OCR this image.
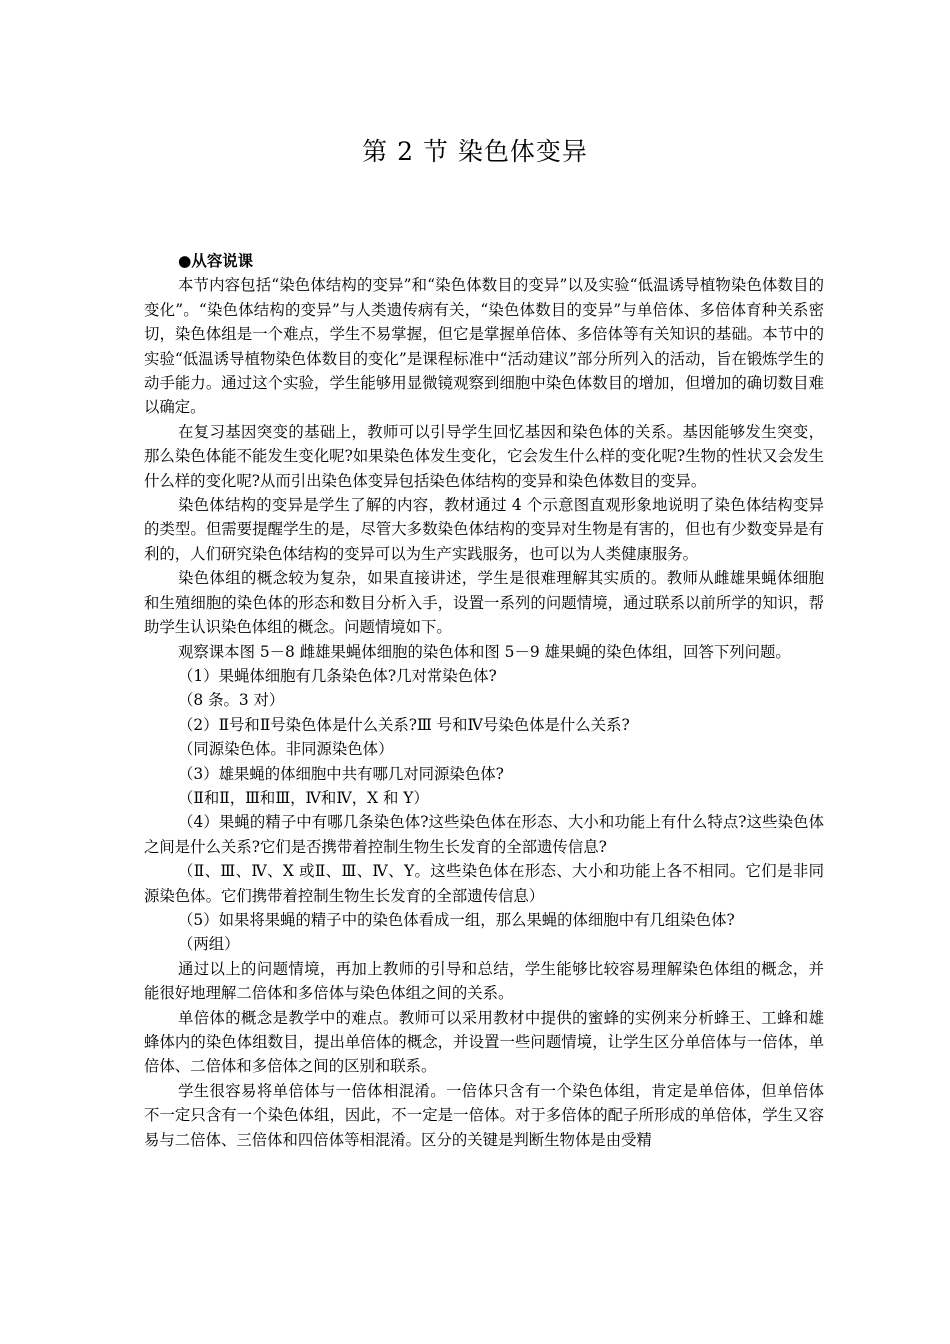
第 2 节 染色体变异

●从容说课

本节内容包括“染色体结构的变异”和“染色体数目的变异”以及实验“低温诱导植物染色体数目的变化”。“染色体结构的变异”与人类遗传病有关，“染色体数目的变异”与单倍体、多倍体育种关系密切，染色体组是一个难点，学生不易掌握，但它是掌握单倍体、多倍体等有关知识的基础。本节中的实验“低温诱导植物染色体数目的变化”是课程标准中“活动建议”部分所列入的活动，旨在锻炼学生的动手能力。通过这个实验，学生能够用显微镜观察到细胞中染色体数目的增加，但增加的确切数目难以确定。

在复习基因突变的基础上，教师可以引导学生回忆基因和染色体的关系。基因能够发生突变，那么染色体能不能发生变化呢?如果染色体发生变化，它会发生什么样的变化呢?生物的性状又会发生什么样的变化呢?从而引出染色体变异包括染色体结构的变异和染色体数目的变异。

染色体结构的变异是学生了解的内容，教材通过 4 个示意图直观形象地说明了染色体结构变异的类型。但需要提醒学生的是，尽管大多数染色体结构的变异对生物是有害的，但也有少数变异是有利的，人们研究染色体结构的变异可以为生产实践服务，也可以为人类健康服务。

染色体组的概念较为复杂，如果直接讲述，学生是很难理解其实质的。教师从雌雄果蝇体细胞和生殖细胞的染色体的形态和数目分析入手，设置一系列的问题情境，通过联系以前所学的知识，帮助学生认识染色体组的概念。问题情境如下。

观察课本图 5－8 雌雄果蝇体细胞的染色体和图 5－9 雄果蝇的染色体组，回答下列问题。

（1）果蝇体细胞有几条染色体?几对常染色体?

（8 条。3 对）

（2）Ⅱ号和Ⅱ号染色体是什么关系?Ⅲ 号和Ⅳ号染色体是什么关系?

（同源染色体。非同源染色体）

（3）雄果蝇的体细胞中共有哪几对同源染色体?

（Ⅱ和Ⅱ，Ⅲ和Ⅲ，Ⅳ和Ⅳ，X 和 Y）

（4）果蝇的精子中有哪几条染色体?这些染色体在形态、大小和功能上有什么特点?这些染色体之间是什么关系?它们是否携带着控制生物生长发育的全部遗传信息?

（Ⅱ、Ⅲ、Ⅳ、X 或Ⅱ、Ⅲ、Ⅳ、Y。这些染色体在形态、大小和功能上各不相同。它们是非同源染色体。它们携带着控制生物生长发育的全部遗传信息）

（5）如果将果蝇的精子中的染色体看成一组，那么果蝇的体细胞中有几组染色体?

（两组）

通过以上的问题情境，再加上教师的引导和总结，学生能够比较容易理解染色体组的概念，并能很好地理解二倍体和多倍体与染色体组之间的关系。

单倍体的概念是教学中的难点。教师可以采用教材中提供的蜜蜂的实例来分析蜂王、工蜂和雄蜂体内的染色体组数目，提出单倍体的概念，并设置一些问题情境，让学生区分单倍体与一倍体，单倍体、二倍体和多倍体之间的区别和联系。

学生很容易将单倍体与一倍体相混淆。一倍体只含有一个染色体组，肯定是单倍体，但单倍体不一定只含有一个染色体组，因此，不一定是一倍体。对于多倍体的配子所形成的单倍体，学生又容易与二倍体、三倍体和四倍体等相混淆。区分的关键是判断生物体是由受精
